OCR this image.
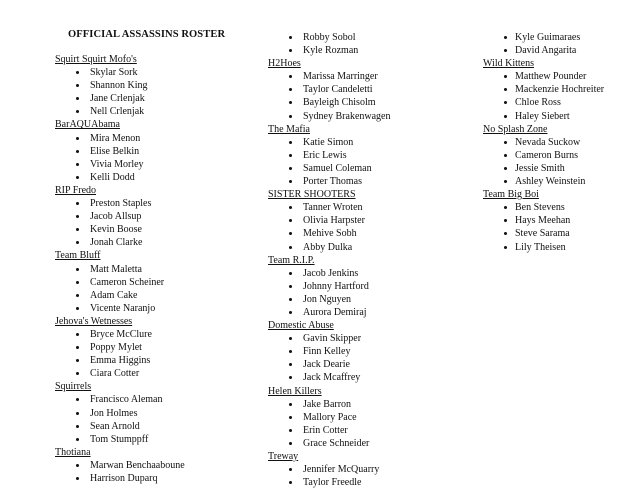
OFFICIAL ASSASSINS ROSTER
Squirt Squirt Mofo's
Skylar Sork
Shannon King
Jane Crlenjak
Nell Crlenjak
BarAQUAbama
Mira Menon
Elise Belkin
Vivia Morley
Kelli Dodd
RIP Fredo
Preston Staples
Jacob Allsup
Kevin Boose
Jonah Clarke
Team Bluff
Matt Maletta
Cameron Scheiner
Adam Cake
Vicente Naranjo
Jehova's Wetnesses
Bryce McClure
Poppy Mylet
Emma Higgins
Ciara Cotter
Squirrels
Francisco Aleman
Jon Holmes
Sean Arnold
Tom Stumppff
Thotiana
Marwan Benchaaboune
Harrison Duparq
Robby Sobol
Kyle Rozman
H2Hoes
Marissa Marringer
Taylor Candeletti
Bayleigh Chisolm
Sydney Brakenwagen
The Mafia
Katie Simon
Eric Lewis
Samuel Coleman
Porter Thomas
SISTER SHOOTERS
Tanner Wroten
Olivia Harpster
Mehive Sobh
Abby Dulka
Team R.I.P.
Jacob Jenkins
Johnny Hartford
Jon Nguyen
Aurora Demiraj
Domestic Abuse
Gavin Skipper
Finn Kelley
Jack Dearie
Jack Mcaffrey
Helen Killers
Jake Barron
Mallory Pace
Erin Cotter
Grace Schneider
Treway
Jennifer McQuarry
Taylor Freedle
Kyle Guimaraes
David Angarita
Wild Kittens
Matthew Pounder
Mackenzie Hochreiter
Chloe Ross
Haley Siebert
No Splash Zone
Nevada Suckow
Cameron Burns
Jessie Smith
Ashley Weinstein
Team Big Boi
Ben Stevens
Hays Meehan
Steve Sarama
Lily Theisen
